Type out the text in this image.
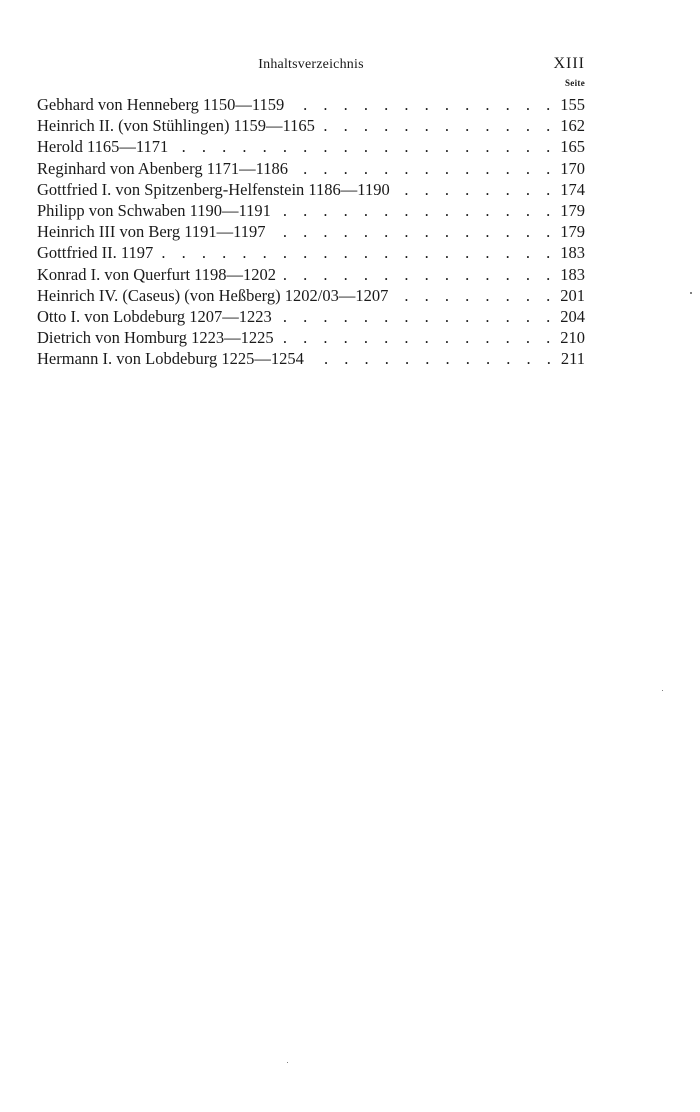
Inhaltsverzeichnis	XIII
Seite
Gebhard von Henneberg 1150—1159 . . .	155
Heinrich II. (von Stühlingen) 1159—1165 . . .	162
Herold 1165—1171 . . .	165
Reginhard von Abenberg 1171—1186 . . .	170
Gottfried I. von Spitzenberg-Helfenstein 1186—1190 . . .	174
Philipp von Schwaben 1190—1191 . . .	179
Heinrich III von Berg 1191—1197 . . .	179
Gottfried II. 1197 . . .	183
Konrad I. von Querfurt 1198—1202 . . .	183
Heinrich IV. (Caseus) (von Heßberg) 1202/03—1207 . . .	201
Otto I. von Lobdeburg 1207—1223 . . .	204
Dietrich von Homburg 1223—1225 . . .	210
Hermann I. von Lobdeburg 1225—1254 . . .	211
